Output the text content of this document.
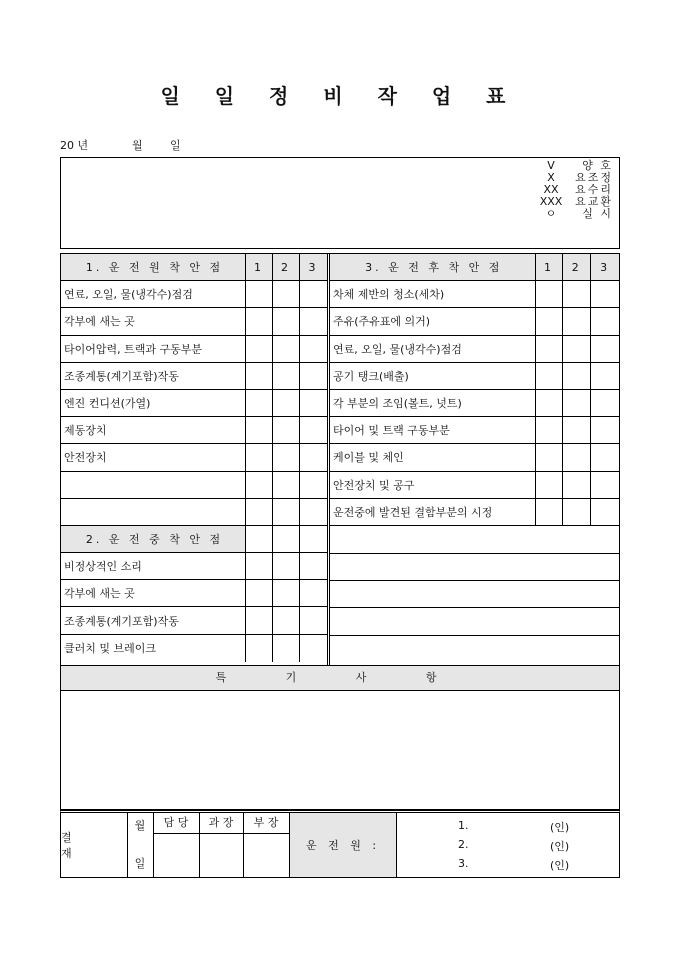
일 일 정 비 작 업 표
20 년	월 일
V	양 호
X	요조정
XX	요수리
XXX	요교환
ㅇ	실 시
1. 운 전 원 착 안 점	1	2	3
연료, 오일, 물(냉각수)점검
각부에 새는 곳
타이어압력, 트랙과 구동부분
조종계통(계기포함)작동
엔진 컨디션(가열)
제동장치
안전장치
2. 운 전 중 착 안 점
비정상적인 소리
각부에 새는 곳
조종계통(계기포함)작동
클러치 및 브레이크
3. 운 전 후 착 안 점	1	2	3
차체 제반의 청소(세차)
주유(주유표에 의거)
연료, 오일, 물(냉각수)점검
공기 탱크(배출)
각 부분의 조임(볼트, 넛트)
타이어 및 트랙 구동부분
케이블 및 체인
안전장치 및 공구
운전중에 발견된 결함부분의 시정
특 기 사 항
결 재
월
일
담 당	과 장	부 장
운 전 원 :
1.	(인)
2.	(인)
3.	(인)
